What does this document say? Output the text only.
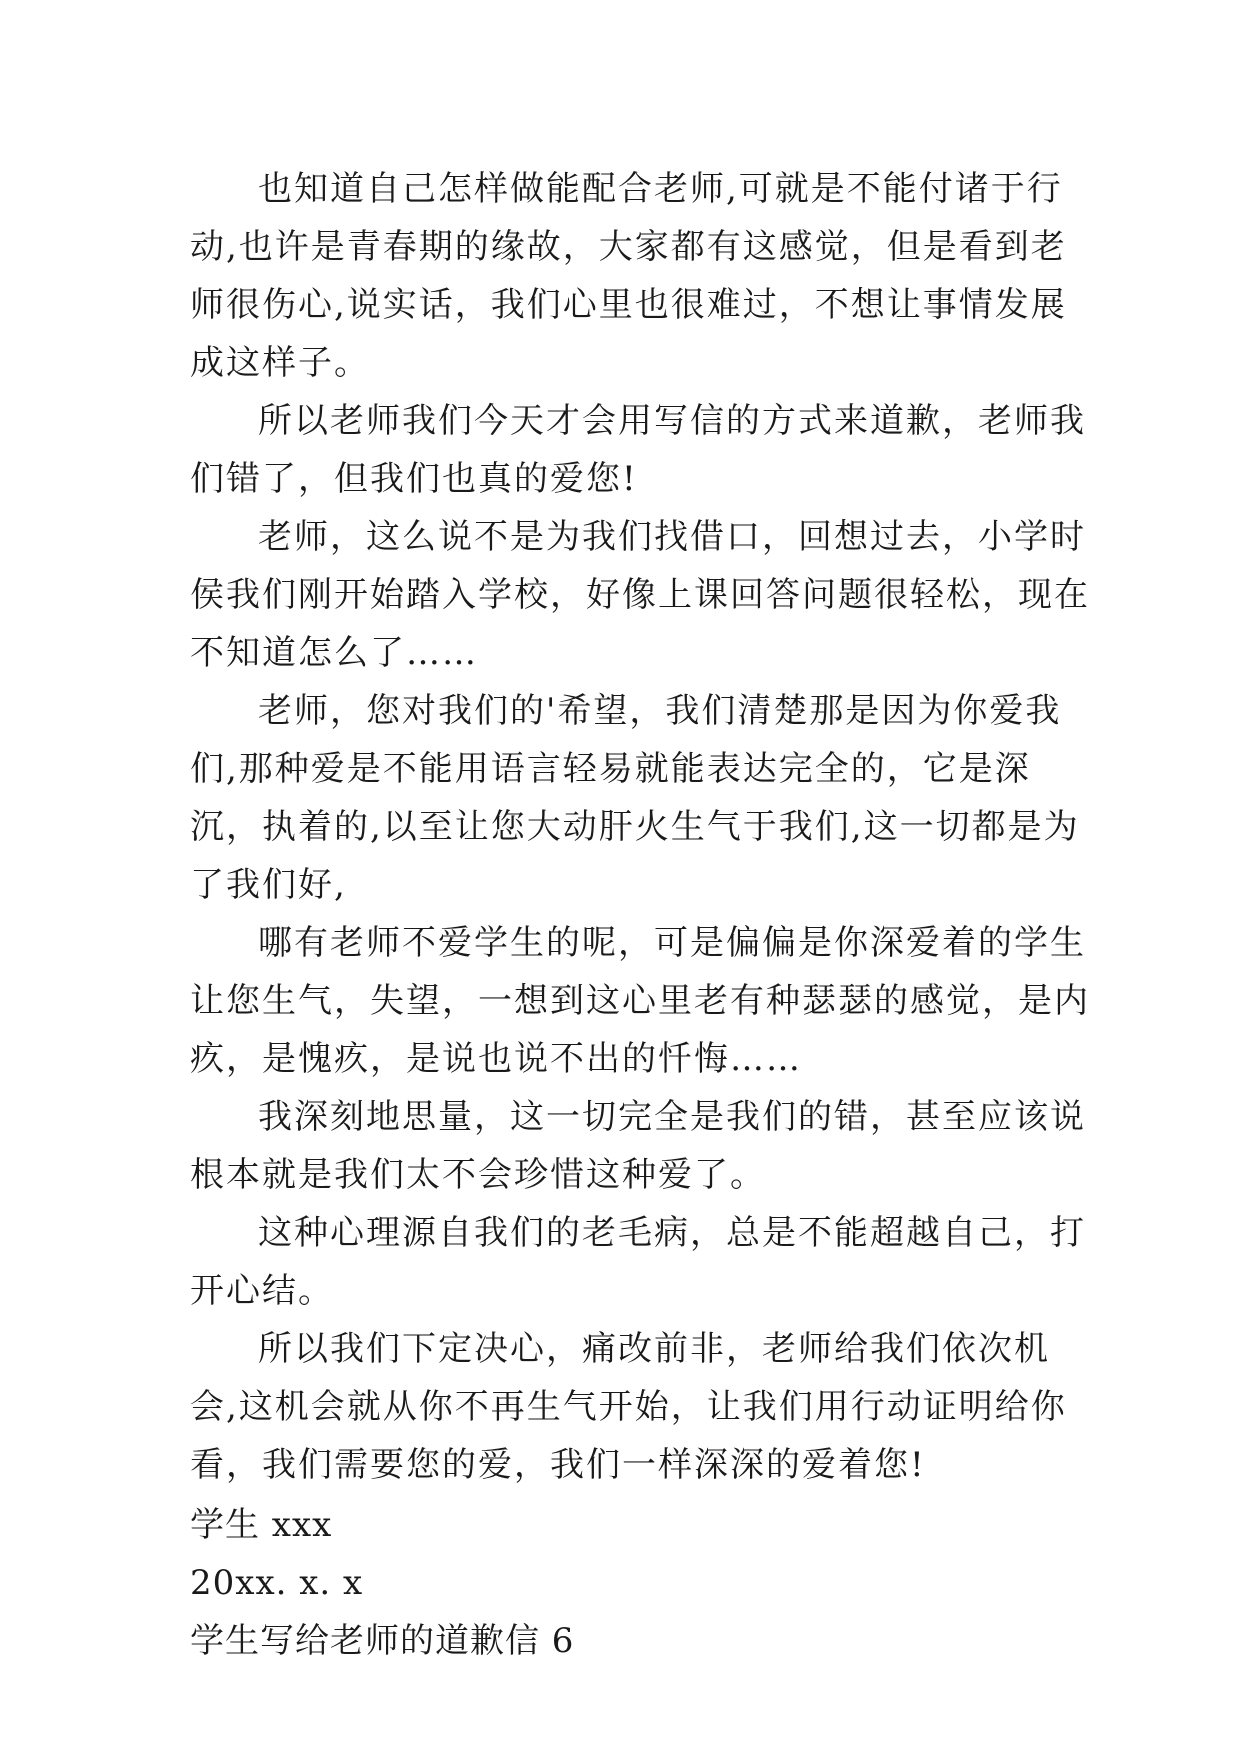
也知道自己怎样做能配合老师,可就是不能付诸于行动,也许是青春期的缘故，大家都有这感觉，但是看到老师很伤心,说实话，我们心里也很难过，不想让事情发展成这样子。

所以老师我们今天才会用写信的方式来道歉，老师我们错了，但我们也真的爱您!

老师，这么说不是为我们找借口，回想过去，小学时侯我们刚开始踏入学校，好像上课回答问题很轻松，现在不知道怎么了……

老师，您对我们的'希望，我们清楚那是因为你爱我们,那种爱是不能用语言轻易就能表达完全的，它是深沉，执着的,以至让您大动肝火生气于我们,这一切都是为了我们好,

哪有老师不爱学生的呢，可是偏偏是你深爱着的学生让您生气，失望，一想到这心里老有种瑟瑟的感觉，是内疚，是愧疚，是说也说不出的忏悔……

我深刻地思量，这一切完全是我们的错，甚至应该说根本就是我们太不会珍惜这种爱了。

这种心理源自我们的老毛病，总是不能超越自己，打开心结。

所以我们下定决心，痛改前非，老师给我们依次机会,这机会就从你不再生气开始，让我们用行动证明给你看，我们需要您的爱，我们一样深深的爱着您!

学生 xxx

20xx. x. x

学生写给老师的道歉信 6
